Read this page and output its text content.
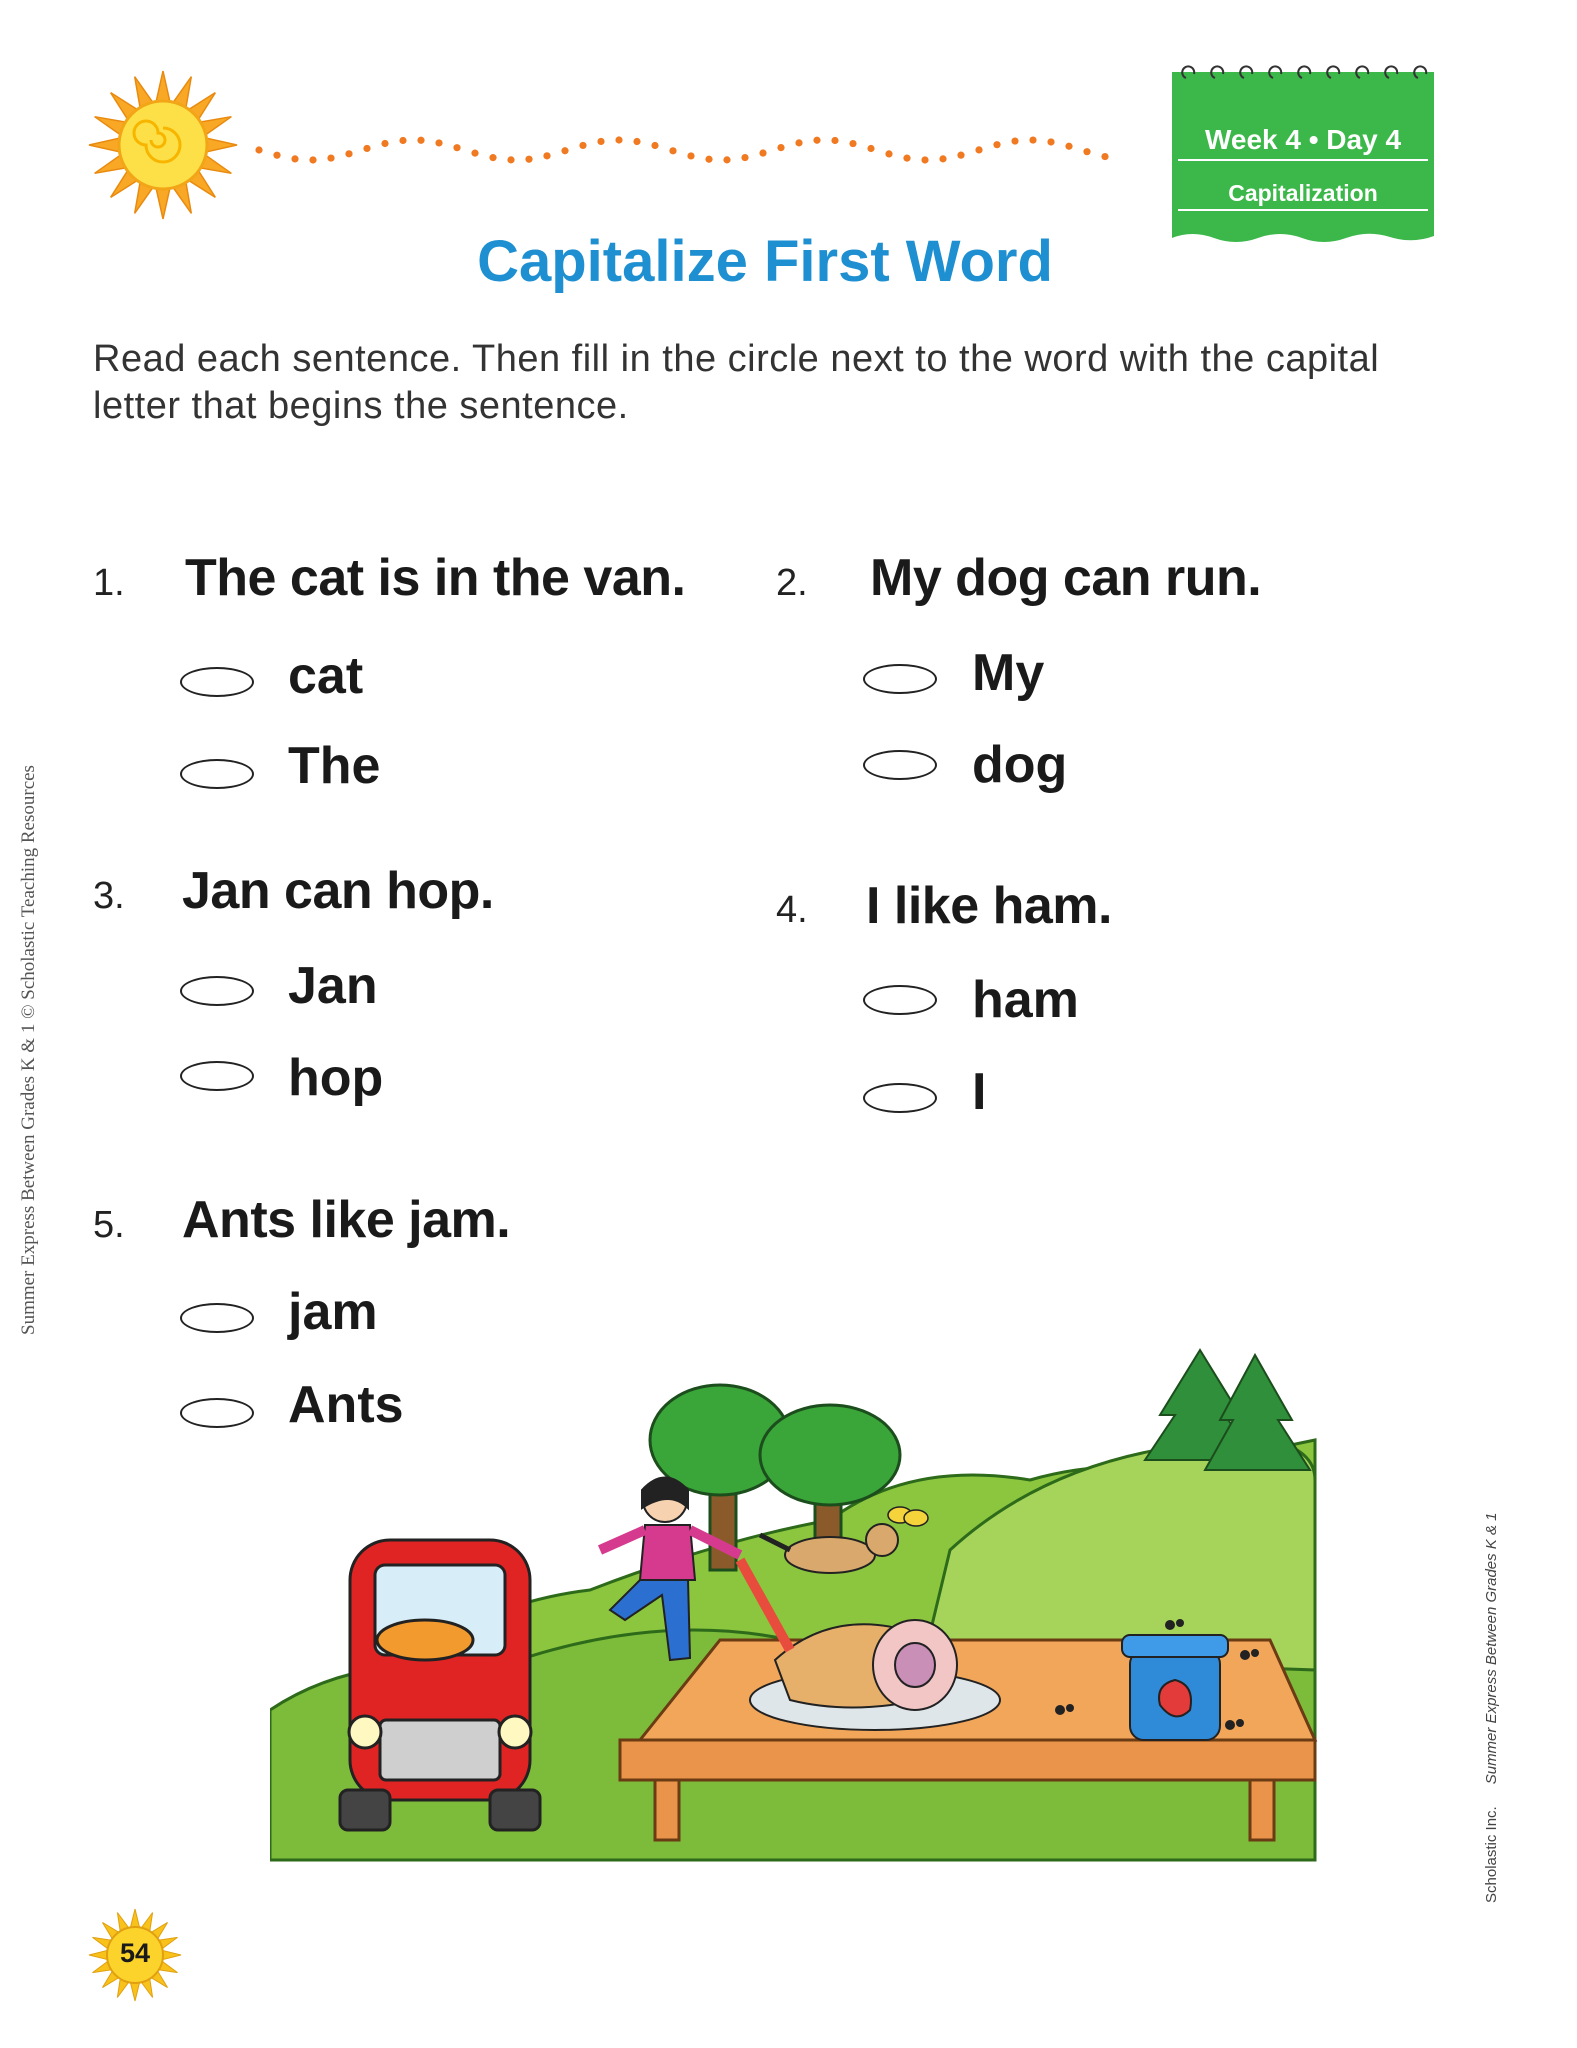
Week 4 • Day 4
Capitalization
Capitalize First Word
Read each sentence. Then fill in the circle next to the word with the capital letter that begins the sentence.
1. The cat is in the van.
cat
The
2. My dog can run.
My
dog
3. Jan can hop.
Jan
hop
4. I like ham.
ham
I
5. Ants like jam.
jam
Ants
Summer Express Between Grades K & 1 © Scholastic Teaching Resources
Scholastic Inc.Summer Express Between Grades K & 1
54
